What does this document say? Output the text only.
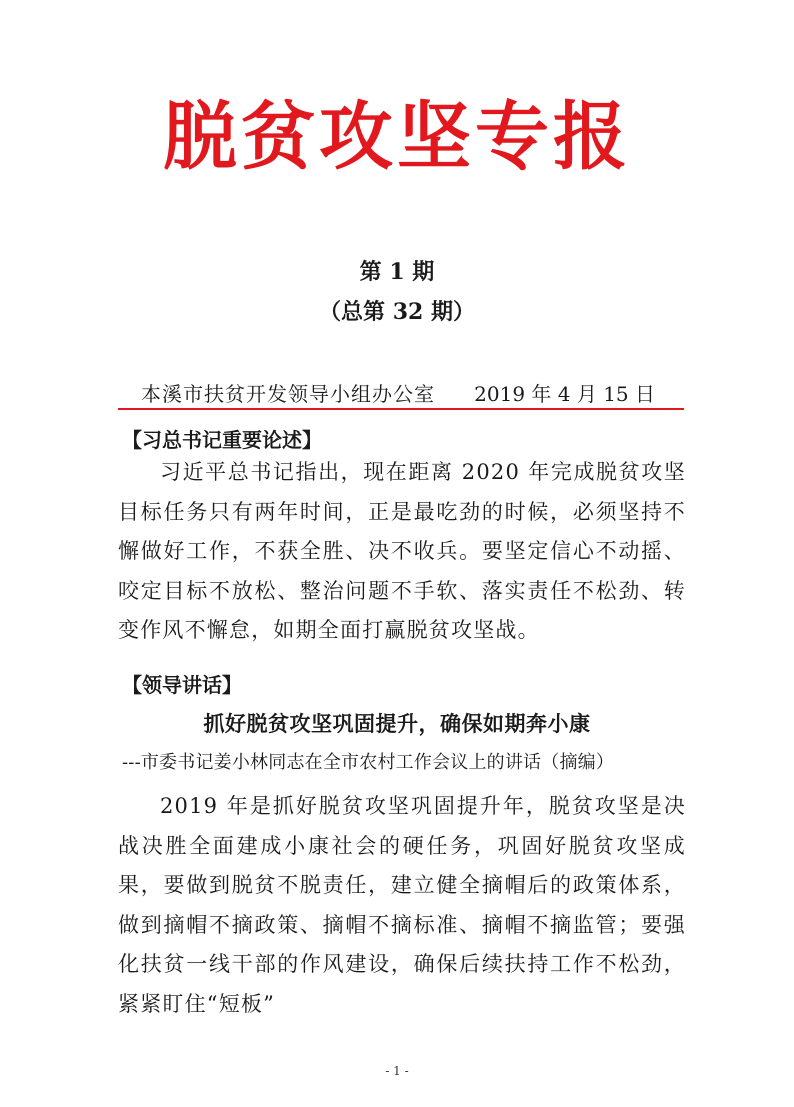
脱贫攻坚专报
第 1 期
（总第 32 期）
本溪市扶贫开发领导小组办公室 2019 年 4 月 15 日
【习总书记重要论述】

习近平总书记指出，现在距离 2020 年完成脱贫攻坚目标任务只有两年时间，正是最吃劲的时候，必须坚持不懈做好工作，不获全胜、决不收兵。要坚定信心不动摇、咬定目标不放松、整治问题不手软、落实责任不松劲、转变作风不懈怠，如期全面打赢脱贫攻坚战。

【领导讲话】
抓好脱贫攻坚巩固提升，确保如期奔小康
---市委书记姜小林同志在全市农村工作会议上的讲话（摘编）

2019 年是抓好脱贫攻坚巩固提升年，脱贫攻坚是决战决胜全面建成小康社会的硬任务，巩固好脱贫攻坚成果，要做到脱贫不脱责任，建立健全摘帽后的政策体系，做到摘帽不摘政策、摘帽不摘标准、摘帽不摘监管；要强化扶贫一线干部的作风建设，确保后续扶持工作不松劲，紧紧盯住“短板”

- 1 -
